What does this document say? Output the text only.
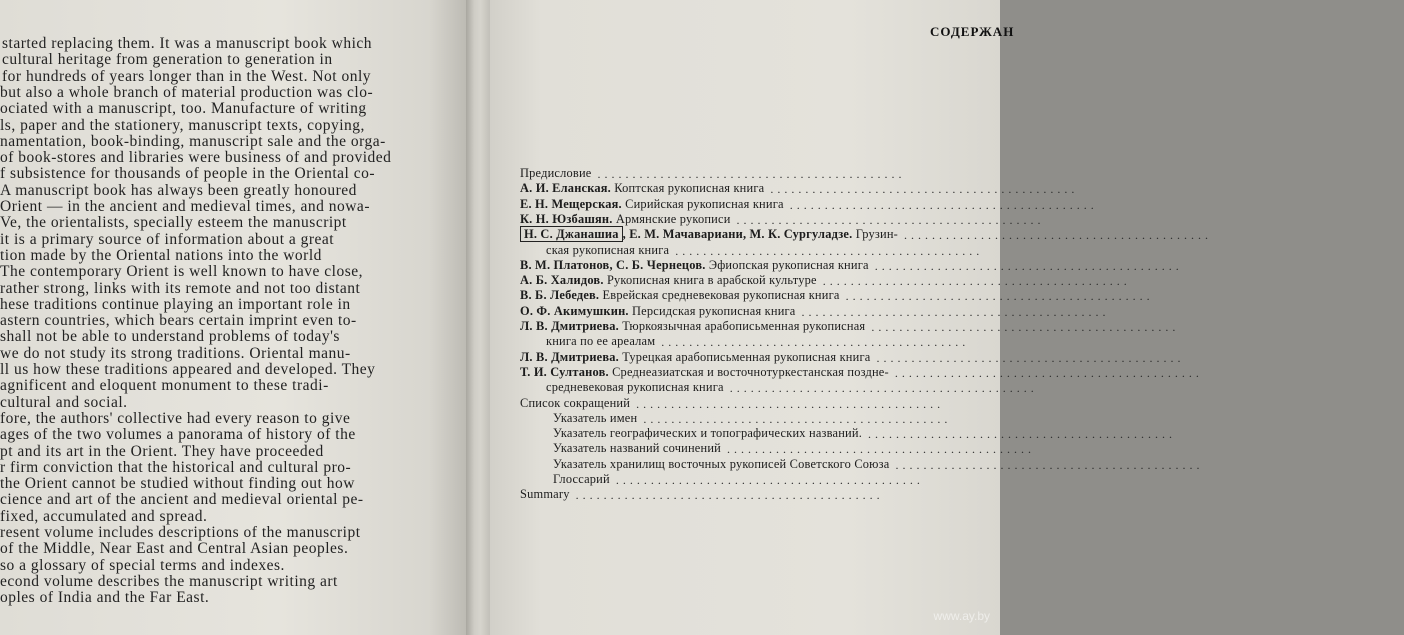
started replacing them. It was a manuscript book which
cultural heritage from generation to generation in
for hundreds of years longer than in the West. Not only
but also a whole branch of material production was clo-
ociated with a manuscript, too. Manufacture of writing
ls, paper and the stationery, manuscript texts, copying,
namentation, book-binding, manuscript sale and the orga-
of book-stores and libraries were business of and provided
f subsistence for thousands of people in the Oriental co-
A manuscript book has always been greatly honoured
Orient — in the ancient and medieval times, and nowa-
Ve, the orientalists, specially esteem the manuscript
it is a primary source of information about a great
tion made by the Oriental nations into the world
The contemporary Orient is well known to have close,
rather strong, links with its remote and not too distant
hese traditions continue playing an important role in
astern countries, which bears certain imprint even to-
shall not be able to understand problems of today's
we do not study its strong traditions. Oriental manu-
ll us how these traditions appeared and developed. They
agnificent and eloquent monument to these tradi-
cultural and social.
fore, the authors' collective had every reason to give
ages of the two volumes a panorama of history of the
pt and its art in the Orient. They have proceeded
r firm conviction that the historical and cultural pro-
the Orient cannot be studied without finding out how
cience and art of the ancient and medieval oriental pe-
fixed, accumulated and spread.
resent volume includes descriptions of the manuscript
of the Middle, Near East and Central Asian peoples.
so a glossary of special terms and indexes.
econd volume describes the manuscript writing art
oples of India and the Far East.
СОДЕРЖАН
Предисловие ............................................
А. И. Еланская. Коптская рукописная книга ............................................
Е. Н. Мещерская. Сирийская рукописная книга ............................................
К. Н. Юзбашян. Армянские рукописи ............................................
Н. С. Джанашиа , Е. М. Мачавариани, М. К. Сургуладзе. Грузин- ............................................
ская рукописная книга ............................................
В. М. Платонов, С. Б. Чернецов. Эфиопская рукописная книга ............................................
А. Б. Халидов. Рукописная книга в арабской культуре ............................................
В. Б. Лебедев. Еврейская средневековая рукописная книга ............................................
О. Ф. Акимушкин. Персидская рукописная книга ............................................
Л. В. Дмитриева. Тюркоязычная арабописьменная рукописная ............................................
книга по ее ареалам ............................................
Л. В. Дмитриева. Турецкая арабописьменная рукописная книга ............................................
Т. И. Султанов. Среднеазиатская и восточнотуркестанская поздне- ............................................
средневековая рукописная книга ............................................
Список сокращений ............................................
Указатель имен ............................................
Указатель географических и топографических названий. ............................................
Указатель названий сочинений ............................................
Указатель хранилищ восточных рукописей Советского Союза ............................................
Глоссарий ............................................
Summary ............................................
www.ay.by
